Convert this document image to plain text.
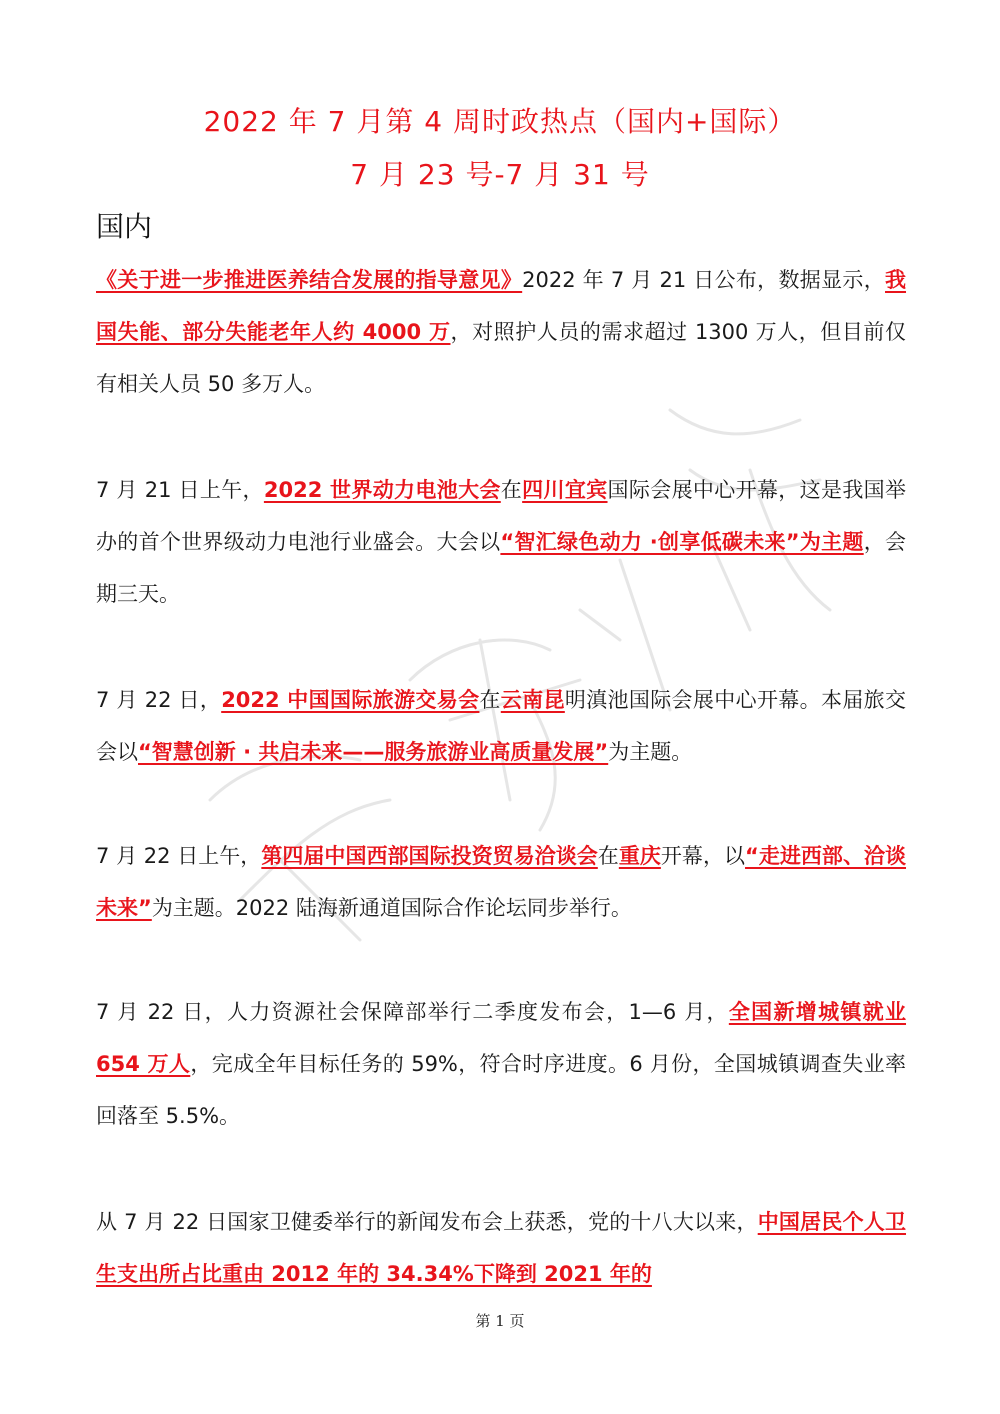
2022 年 7 月第 4 周时政热点（国内+国际）
7 月 23 号-7 月 31 号
国内

《关于进一步推进医养结合发展的指导意见》2022 年 7 月 21 日公布，数据显示，我国失能、部分失能老年人约 4000 万，对照护人员的需求超过 1300 万人，但目前仅有相关人员 50 多万人。

7 月 21 日上午，2022 世界动力电池大会在四川宜宾国际会展中心开幕，这是我国举办的首个世界级动力电池行业盛会。大会以“智汇绿色动力 ·创享低碳未来”为主题，会期三天。

7 月 22 日，2022 中国国际旅游交易会在云南昆明滇池国际会展中心开幕。本届旅交会以“智慧创新 · 共启未来——服务旅游业高质量发展”为主题。

7 月 22 日上午，第四届中国西部国际投资贸易洽谈会在重庆开幕，以“走进西部、洽谈未来”为主题。2022 陆海新通道国际合作论坛同步举行。

7 月 22 日，人力资源社会保障部举行二季度发布会，1—6 月，全国新增城镇就业 654 万人，完成全年目标任务的 59%，符合时序进度。6 月份，全国城镇调查失业率回落至 5.5%。

从 7 月 22 日国家卫健委举行的新闻发布会上获悉，党的十八大以来，中国居民个人卫生支出所占比重由 2012 年的 34.34%下降到 2021 年的

第 1 页
